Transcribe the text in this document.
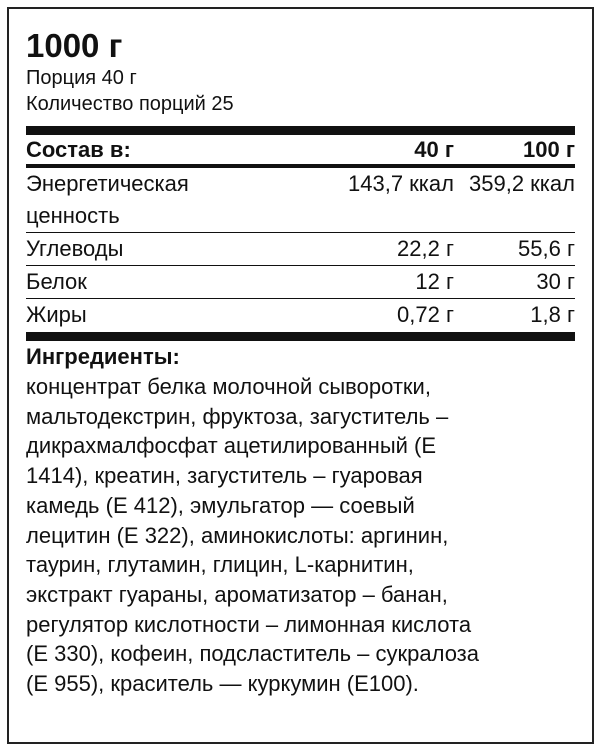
1000 г
Порция 40 г
Количество порций 25
Состав в:	40 г	100 г

Энергетическая
ценность	143,7 ккал	359,2 ккал

Углеводы	22,2 г	55,6 г

Белок	12 г	30 г

Жиры	0,72 г	1,8 г
Ингредиенты:
концентрат белка молочной сыворотки,
мальтодекстрин, фруктоза, загуститель –
дикрахмалфосфат ацетилированный (Е
1414), креатин, загуститель – гуаровая
камедь (Е 412), эмульгатор — соевый
лецитин (Е 322), аминокислоты: аргинин,
таурин, глутамин, глицин, L-карнитин,
экстракт гуараны, ароматизатор – банан,
регулятор кислотности – лимонная кислота
(Е 330), кофеин, подсластитель – сукралоза
(Е 955), краситель — куркумин (Е100).
